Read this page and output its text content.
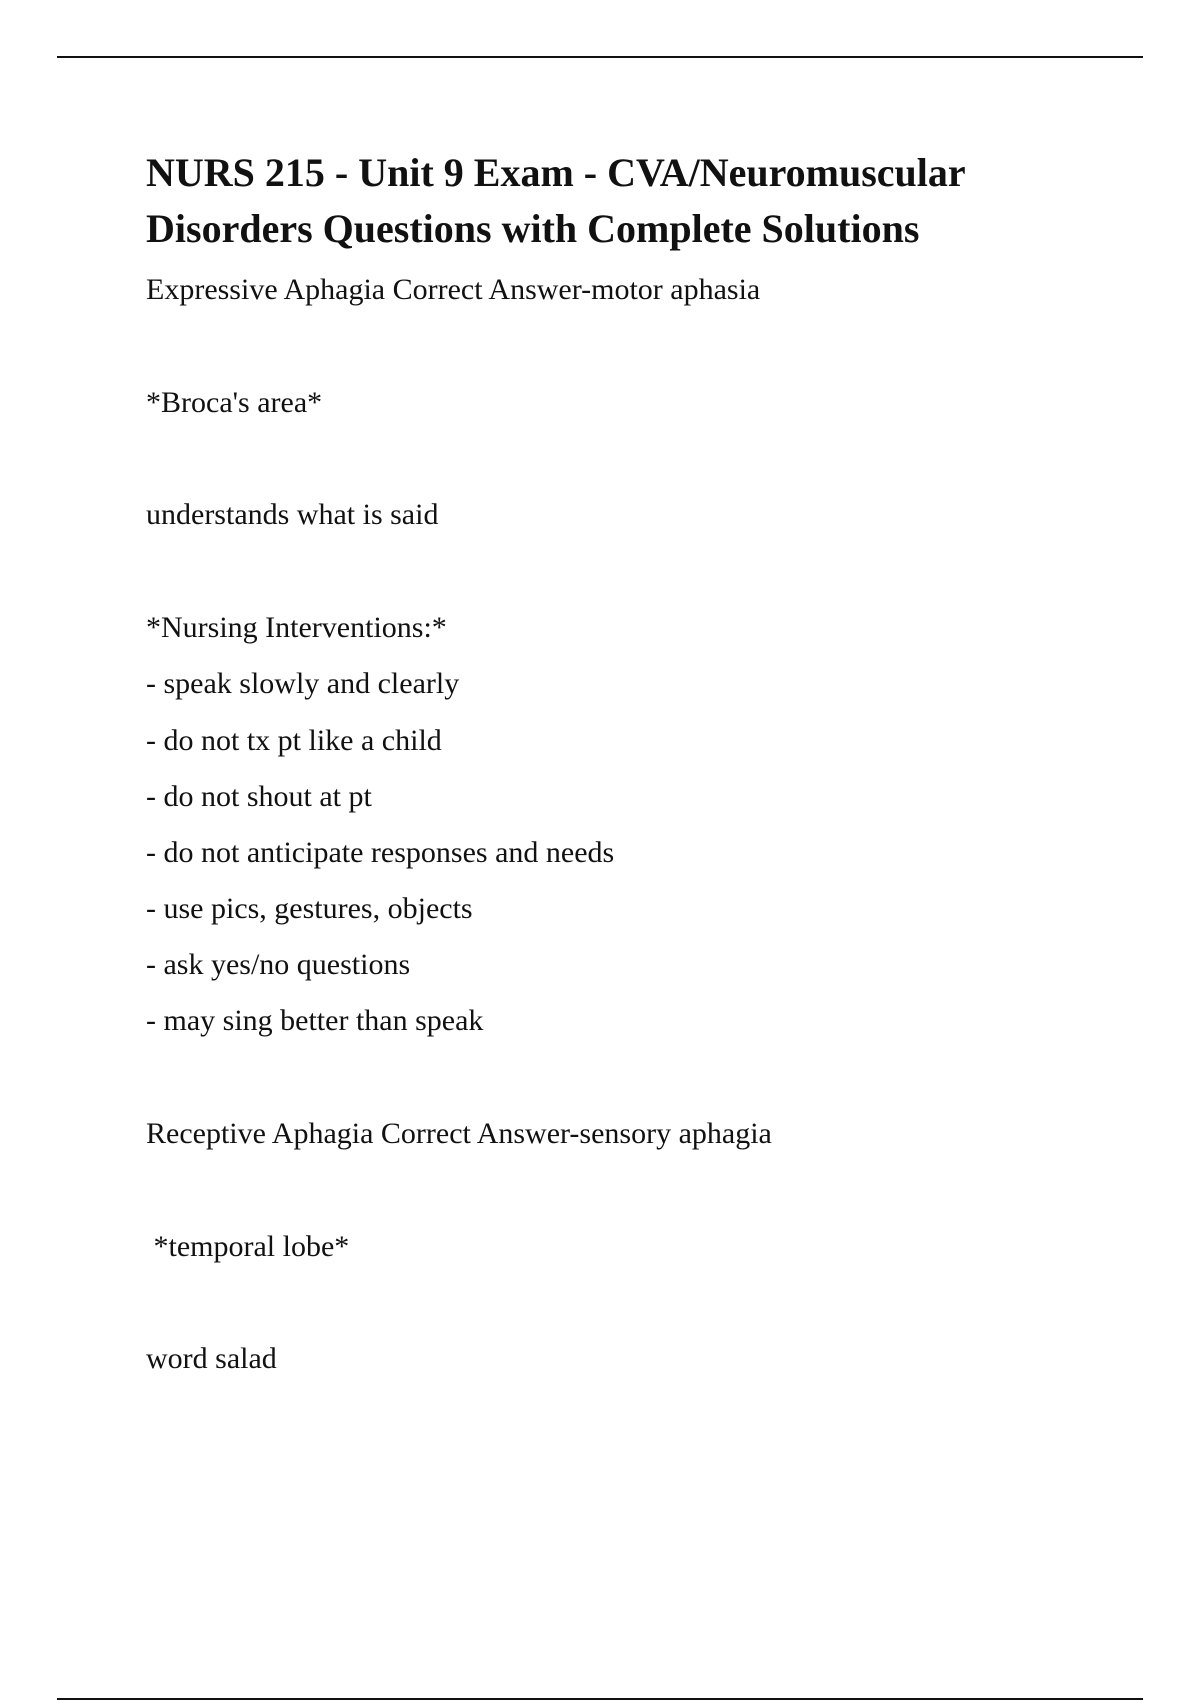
NURS 215 - Unit 9 Exam - CVA/Neuromuscular Disorders Questions with Complete Solutions

Expressive Aphagia Correct Answer-motor aphasia

*Broca's area*

understands what is said

*Nursing Interventions:*

- speak slowly and clearly

- do not tx pt like a child

- do not shout at pt

- do not anticipate responses and needs

- use pics, gestures, objects

- ask yes/no questions

- may sing better than speak

Receptive Aphagia Correct Answer-sensory aphagia

*temporal lobe*

word salad
